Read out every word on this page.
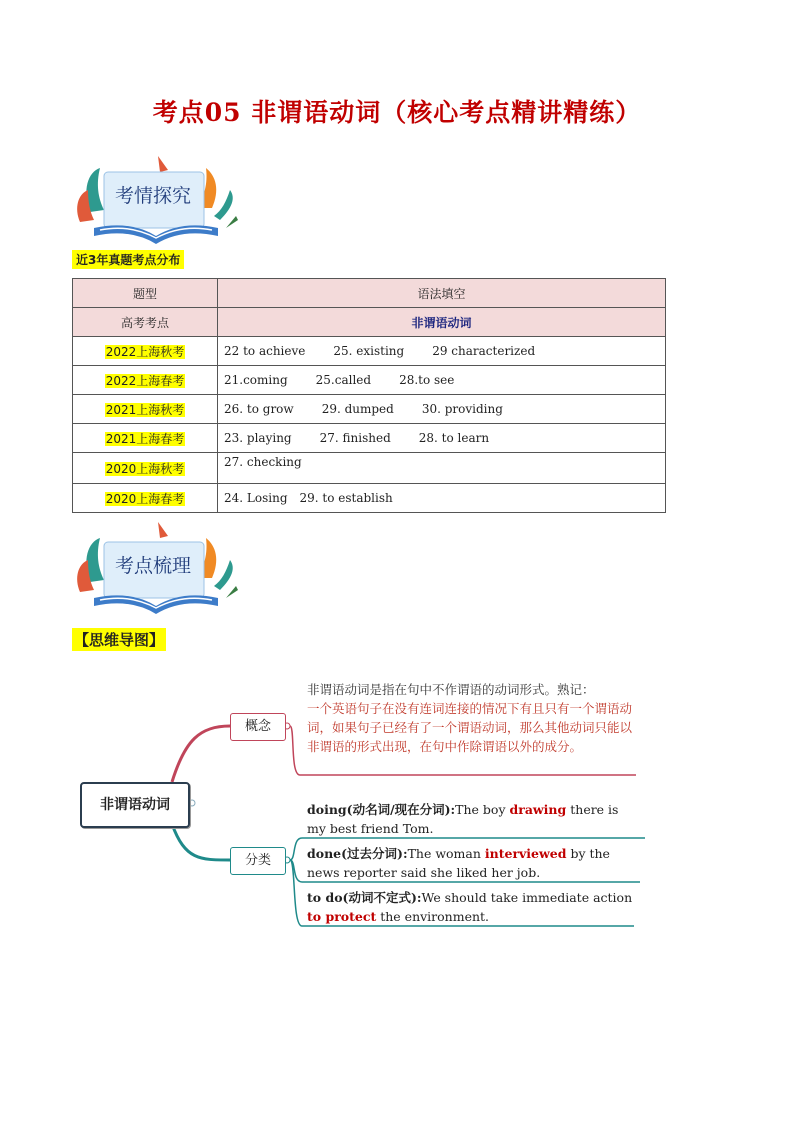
考点05 非谓语动词（核心考点精讲精练）
考情探究
近3年真题考点分布
题型	语法填空
高考考点	非谓语动词
2022上海秋考	22 to achieve 25. existing 29 characterized
2022上海春考	21.coming 25.called 28.to see
2021上海秋考	26. to grow 29. dumped 30. providing
2021上海春考	23. playing 27. finished 28. to learn
2020上海秋考	27. checking
2020上海春考	24. Losing 29. to establish
考点梳理
【思维导图】
非谓语动词
概念
分类
非谓语动词是指在句中不作谓语的动词形式。熟记：
一个英语句子在没有连词连接的情况下有且只有一个谓语动词，如果句子已经有了一个谓语动词，那么其他动词只能以非谓语的形式出现，在句中作除谓语以外的成分。
doing(动名词/现在分词):The boy drawing there is my best friend Tom.
done(过去分词):The woman interviewed by the news reporter said she liked her job.
to do(动词不定式):We should take immediate action to protect the environment.
